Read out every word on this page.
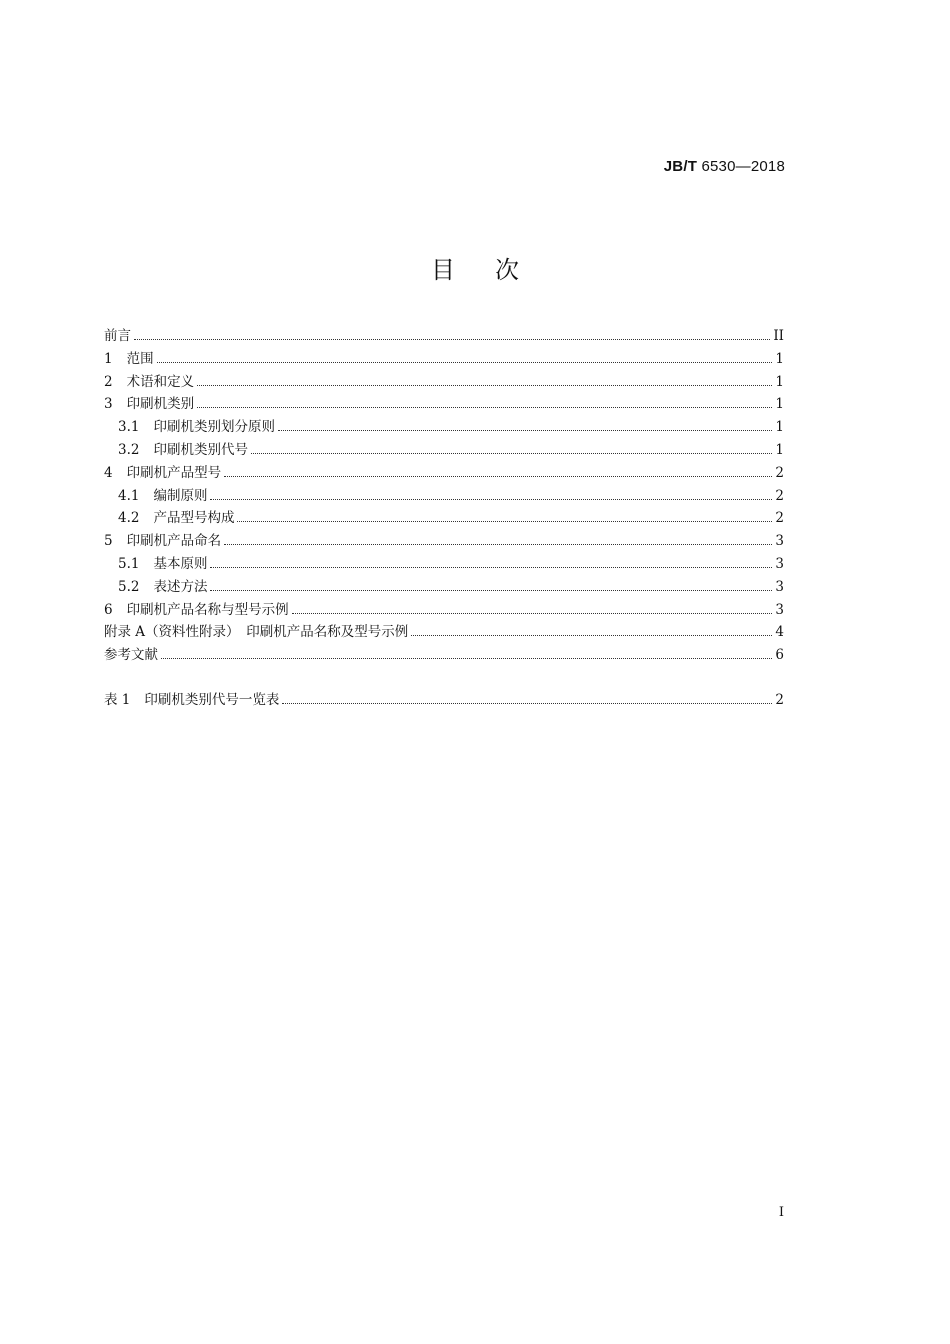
JB/T 6530—2018
目次
前言	II
1 范围	1
2 术语和定义	1
3 印刷机类别	1
3.1 印刷机类别划分原则	1
3.2 印刷机类别代号	1
4 印刷机产品型号	2
4.1 编制原则	2
4.2 产品型号构成	2
5 印刷机产品命名	3
5.1 基本原则	3
5.2 表述方法	3
6 印刷机产品名称与型号示例	3
附录 A（资料性附录）　印刷机产品名称及型号示例	4
参考文献	6
表 1 印刷机类别代号一览表	2
I
